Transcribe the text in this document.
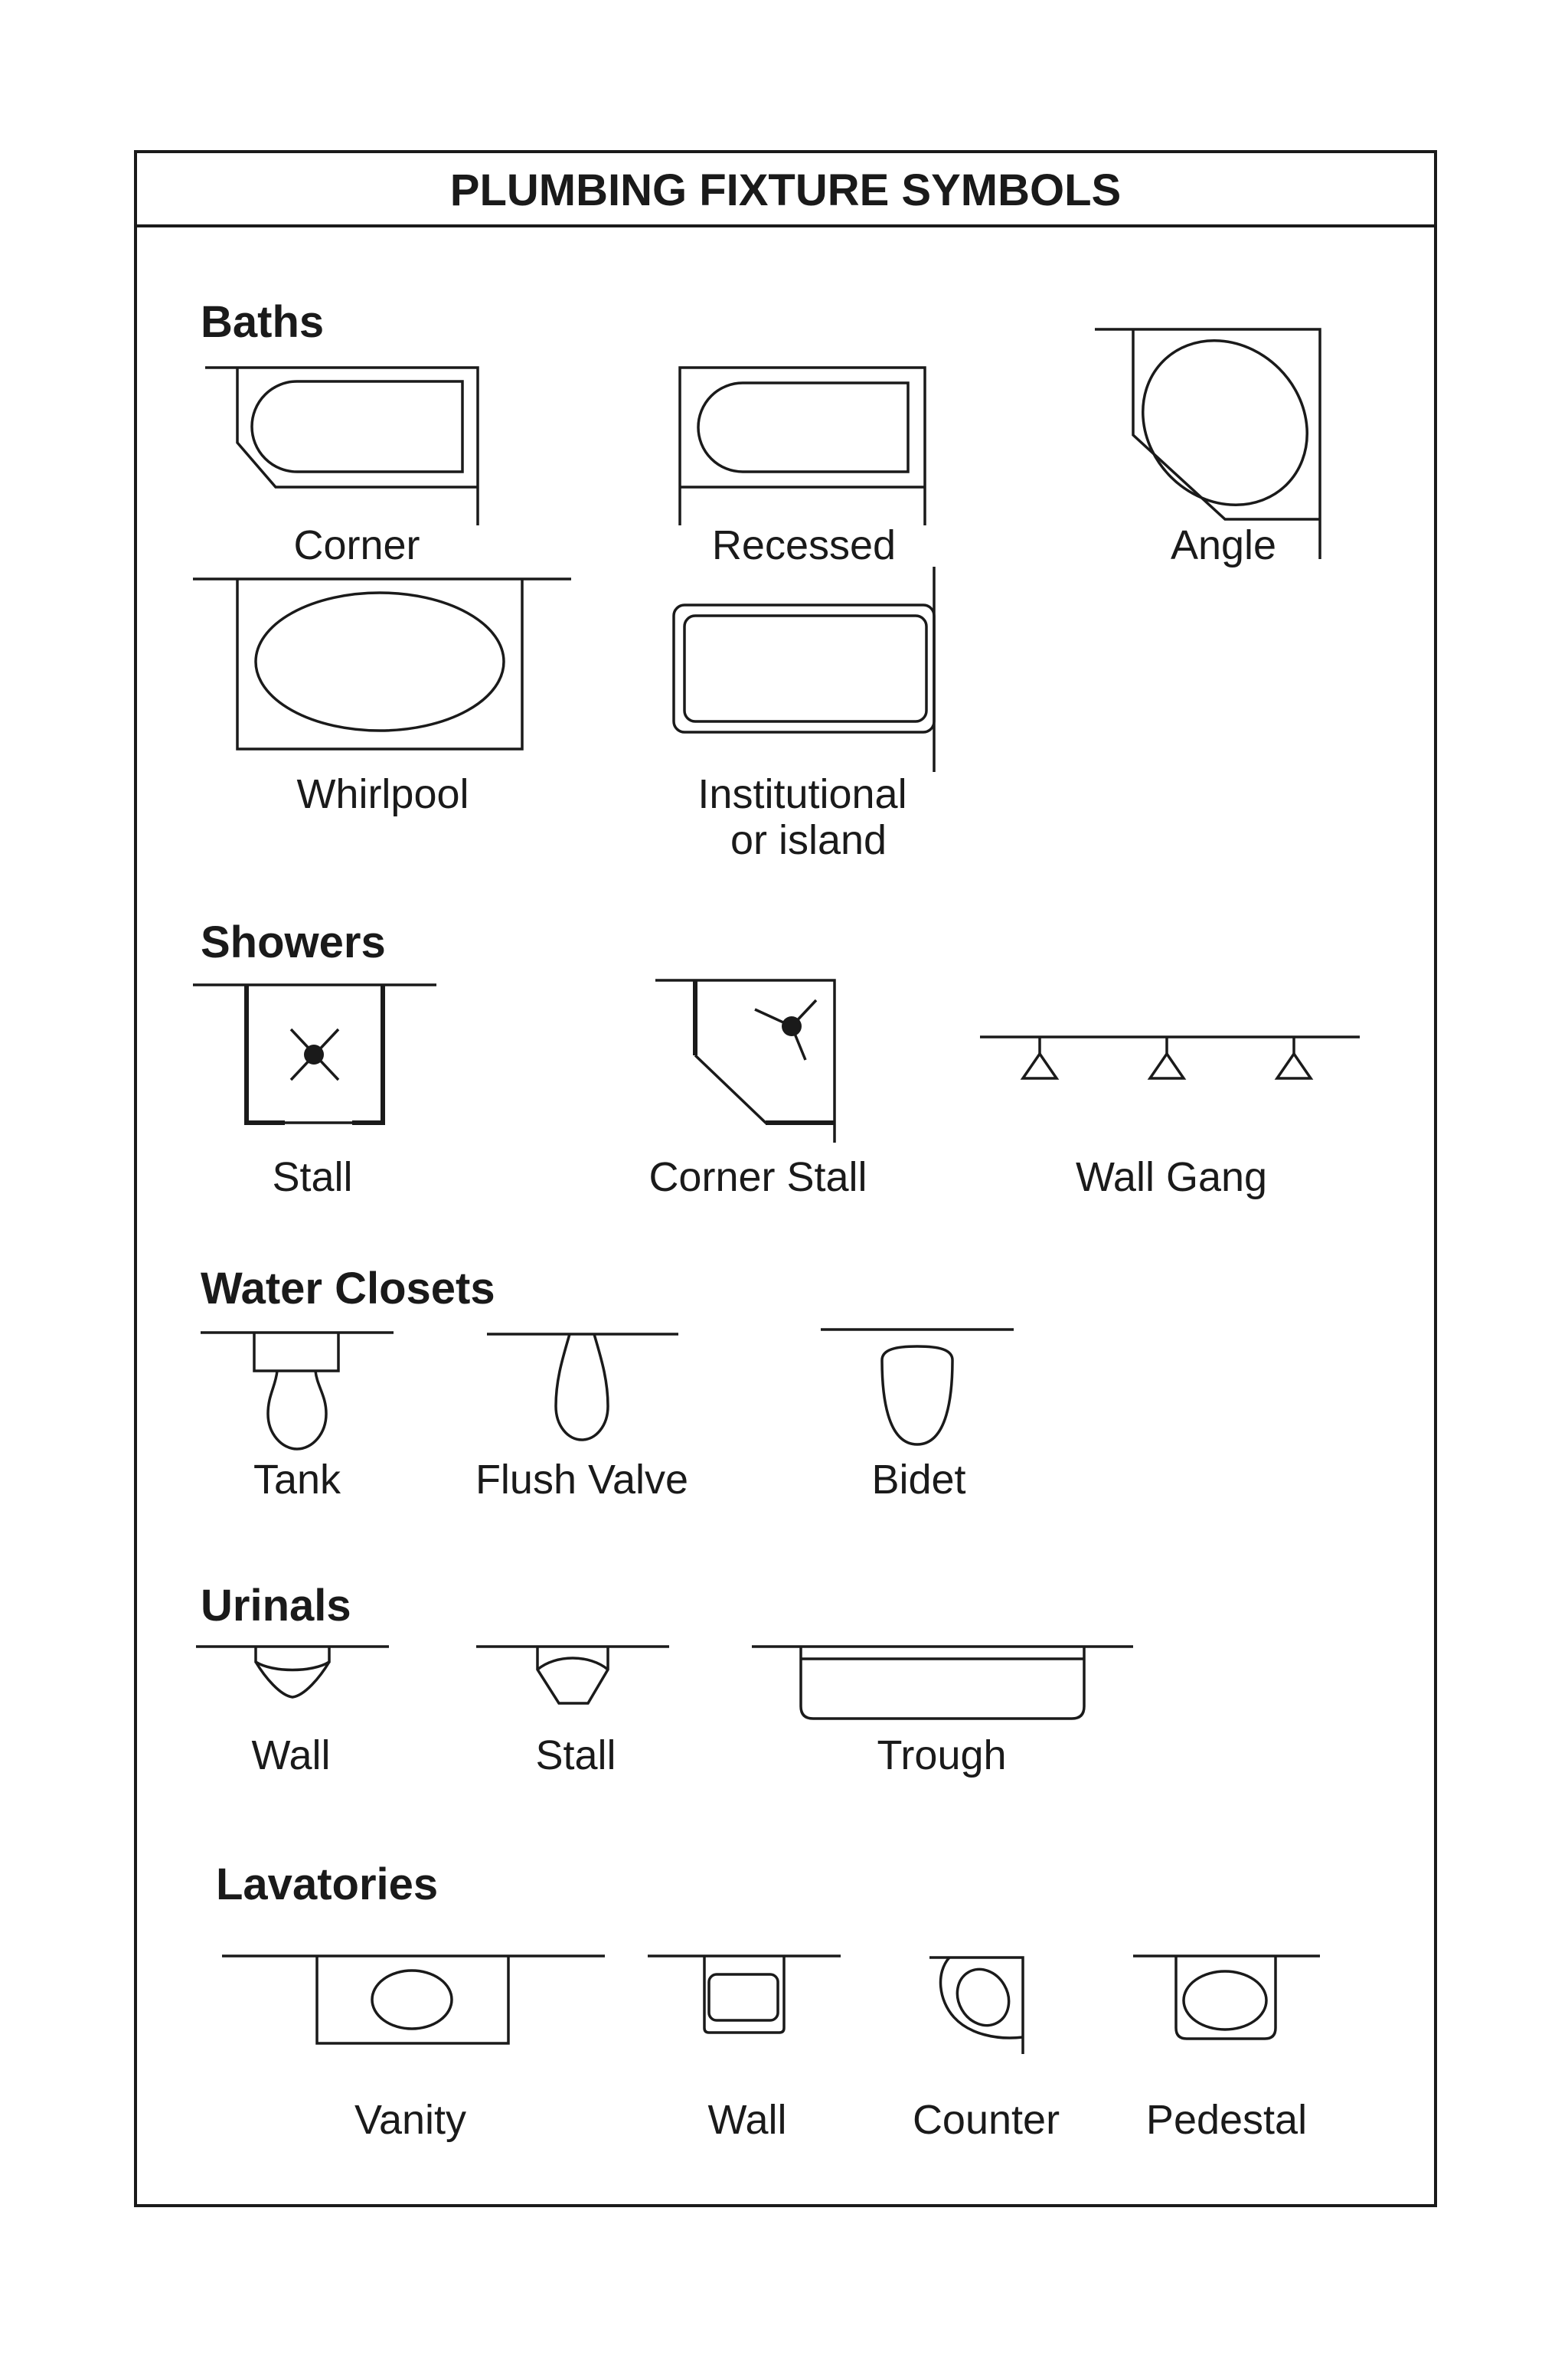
PLUMBING FIXTURE SYMBOLS
Baths
Corner	Recessed	Angle
Whirlpool	Institutional
or island
Showers
Stall	Corner Stall	Wall Gang
Water Closets
Tank	Flush Valve	Bidet
Urinals
Wall	Stall	Trough
Lavatories
Vanity	Wall	Counter Pedestal
